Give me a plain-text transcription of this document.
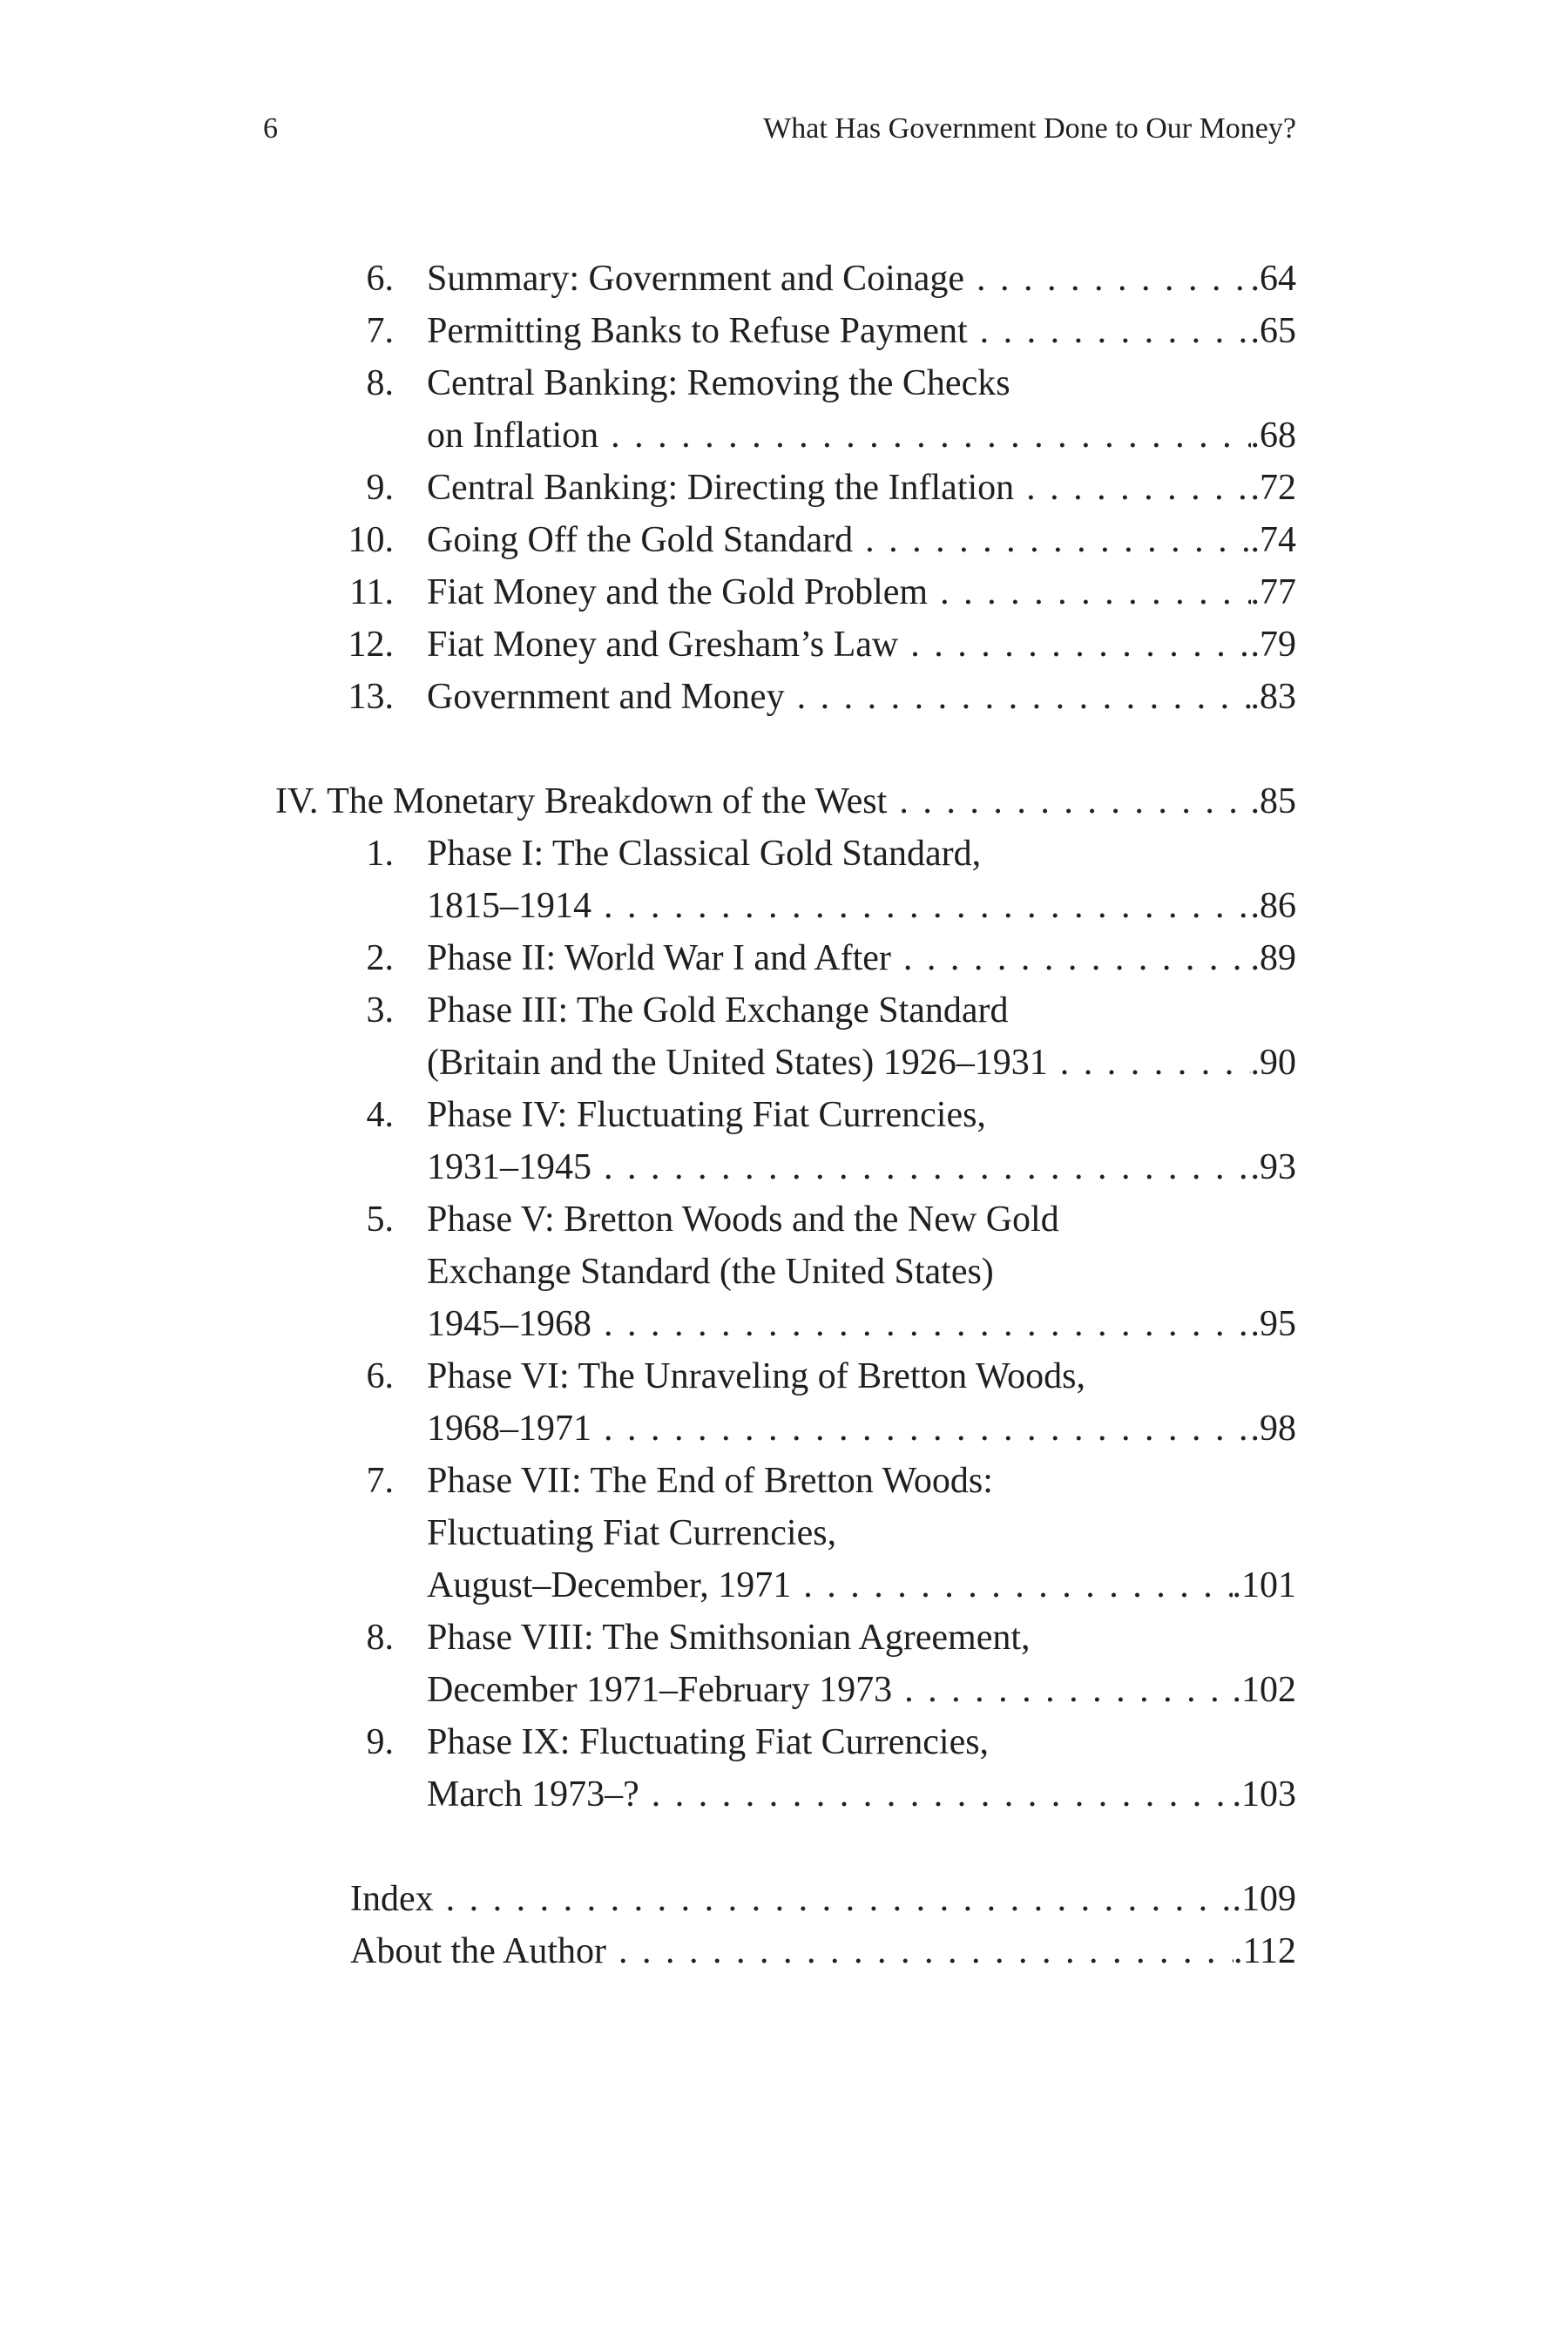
6	What Has Government Done to Our Money?
6. Summary: Government and Coinage . . .	.64
7. Permitting Banks to Refuse Payment . . .	.65
8. Central Banking: Removing the Checks
on Inflation . . .	.68
9. Central Banking: Directing the Inflation . . .	.72
10. Going Off the Gold Standard . . .	.74
11. Fiat Money and the Gold Problem . . .	.77
12. Fiat Money and Gresham’s Law . . .	.79
13. Government and Money . . .	.83
IV. The Monetary Breakdown of the West . . .	.85
1. Phase I: The Classical Gold Standard,
1815–1914 . . .	.86
2. Phase II: World War I and After . . .	.89
3. Phase III: The Gold Exchange Standard
(Britain and the United States) 1926–1931 . . .	.90
4. Phase IV: Fluctuating Fiat Currencies,
1931–1945 . . .	.93
5. Phase V: Bretton Woods and the New Gold
Exchange Standard (the United States)
1945–1968 . . .	.95
6. Phase VI: The Unraveling of Bretton Woods,
1968–1971 . . .	.98
7. Phase VII: The End of Bretton Woods:
Fluctuating Fiat Currencies,
August–December, 1971 . . .	.101
8. Phase VIII: The Smithsonian Agreement,
December 1971–February 1973 . . .	.102
9. Phase IX: Fluctuating Fiat Currencies,
March 1973–? . . .	.103
Index . . .	.109
About the Author . . .	.112
